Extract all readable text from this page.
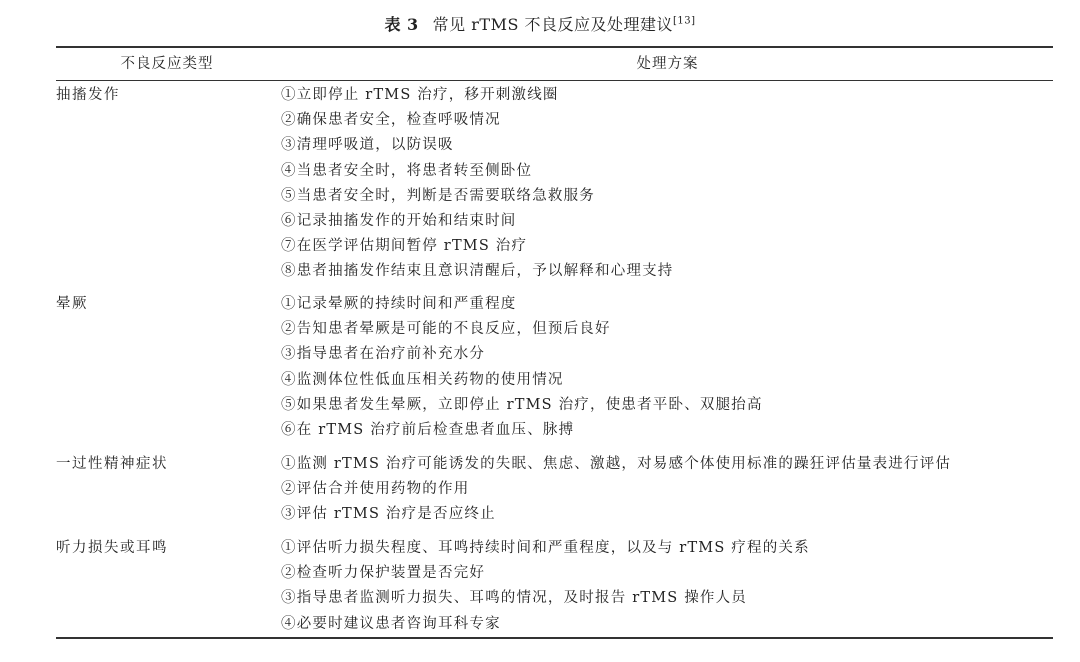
表 3 常见 rTMS 不良反应及处理建议[13]
不良反应类型	处理方案
抽搐发作	①立即停止 rTMS 治疗，移开刺激线圈
②确保患者安全，检查呼吸情况
③清理呼吸道，以防误吸
④当患者安全时，将患者转至侧卧位
⑤当患者安全时，判断是否需要联络急救服务
⑥记录抽搐发作的开始和结束时间
⑦在医学评估期间暂停 rTMS 治疗
⑧患者抽搐发作结束且意识清醒后，予以解释和心理支持
晕厥	①记录晕厥的持续时间和严重程度
②告知患者晕厥是可能的不良反应，但预后良好
③指导患者在治疗前补充水分
④监测体位性低血压相关药物的使用情况
⑤如果患者发生晕厥，立即停止 rTMS 治疗，使患者平卧、双腿抬高
⑥在 rTMS 治疗前后检查患者血压、脉搏
一过性精神症状	①监测 rTMS 治疗可能诱发的失眠、焦虑、激越，对易感个体使用标准的躁狂评估量表进行评估
②评估合并使用药物的作用
③评估 rTMS 治疗是否应终止
听力损失或耳鸣	①评估听力损失程度、耳鸣持续时间和严重程度，以及与 rTMS 疗程的关系
②检查听力保护装置是否完好
③指导患者监测听力损失、耳鸣的情况，及时报告 rTMS 操作人员
④必要时建议患者咨询耳科专家
